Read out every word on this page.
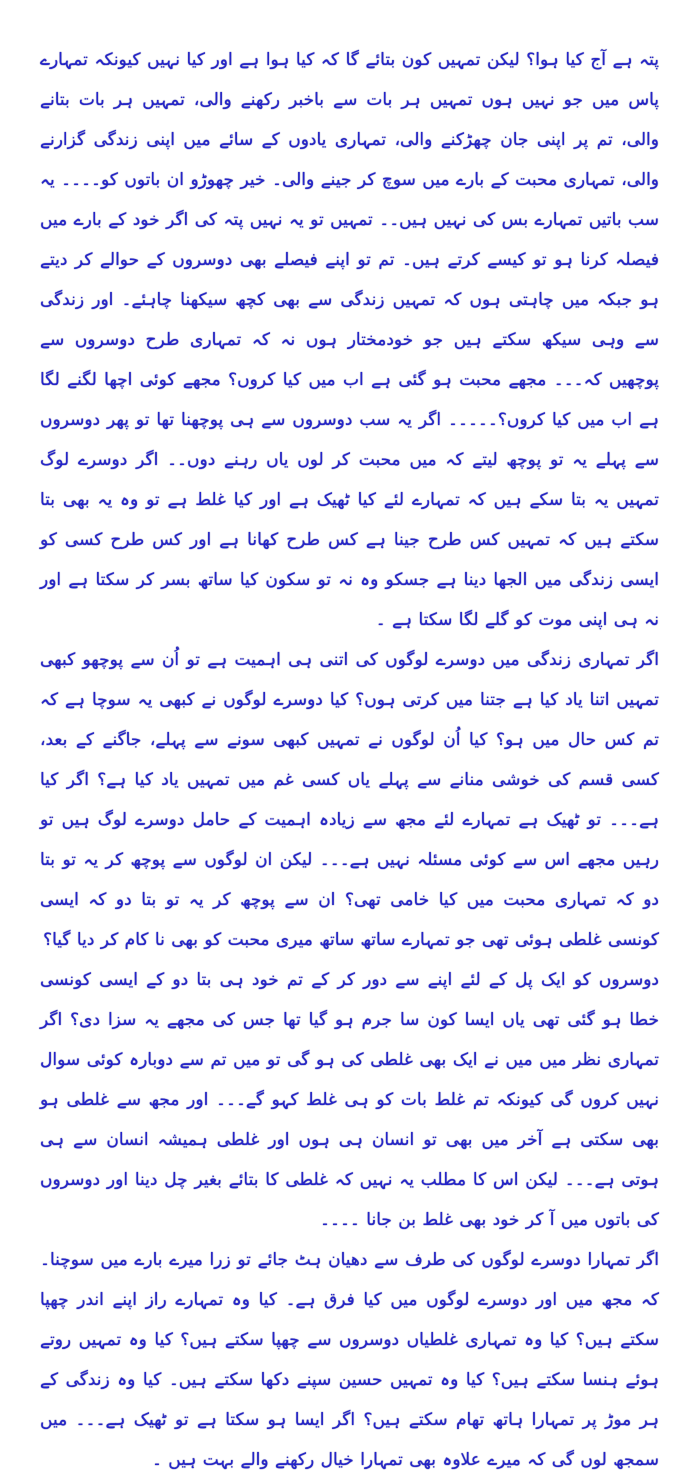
پتہ ہے آج کیا ہوا؟ لیکن تمہیں کون بتائے گا کہ کیا ہوا ہے اور کیا نہیں کیونکہ تمہارے پاس میں جو نہیں ہوں تمہیں ہر بات سے باخبر رکھنے والی، تمہیں ہر بات بتانے والی، تم پر اپنی جان چھڑکنے والی، تمہاری یادوں کے سائے میں اپنی زندگی گزارنے والی، تمہاری محبت کے بارے میں سوچ کر جینے والی۔ خیر چھوڑو ان باتوں کو۔۔۔۔ یہ سب باتیں تمہارے بس کی نہیں ہیں۔۔ تمہیں تو یہ نہیں پتہ کی اگر خود کے بارے میں فیصلہ کرنا ہو تو کیسے کرتے ہیں۔ تم تو اپنے فیصلے بھی دوسروں کے حوالے کر دیتے ہو جبکہ میں چاہتی ہوں کہ تمہیں زندگی سے بھی کچھ سیکھنا چاہئے۔ اور زندگی سے وہی سیکھ سکتے ہیں جو خودمختار ہوں نہ کہ تمہاری طرح دوسروں سے پوچھیں کہ۔۔۔ مجھے محبت ہو گئی ہے اب میں کیا کروں؟ مجھے کوئی اچھا لگنے لگا ہے اب میں کیا کروں؟۔۔۔۔۔ اگر یہ سب دوسروں سے ہی پوچھنا تھا تو پھر دوسروں سے پہلے یہ تو پوچھ لیتے کہ میں محبت کر لوں یاں رہنے دوں۔۔ اگر دوسرے لوگ تمہیں یہ بتا سکے ہیں کہ تمہارے لئے کیا ٹھیک ہے اور کیا غلط ہے تو وہ یہ بھی بتا سکتے ہیں کہ تمہیں کس طرح جینا ہے کس طرح کھانا ہے اور کس طرح کسی کو ایسی زندگی میں الجھا دینا ہے جسکو وہ نہ تو سکون کیا ساتھ بسر کر سکتا ہے اور نہ ہی اپنی موت کو گلے لگا سکتا ہے ۔

اگر تمہاری زندگی میں دوسرے لوگوں کی اتنی ہی اہمیت ہے تو اُن سے پوچھو کبھی تمہیں اتنا یاد کیا ہے جتنا میں کرتی ہوں؟ کیا دوسرے لوگوں نے کبھی یہ سوچا ہے کہ تم کس حال میں ہو؟ کیا اُن لوگوں نے تمہیں کبھی سونے سے پہلے، جاگنے کے بعد، کسی قسم کی خوشی منانے سے پہلے یاں کسی غم میں تمہیں یاد کیا ہے؟ اگر کیا ہے۔۔۔ تو ٹھیک ہے تمہارے لئے مجھ سے زیادہ اہمیت کے حامل دوسرے لوگ ہیں تو رہیں مجھے اس سے کوئی مسئلہ نہیں ہے۔۔۔ لیکن ان لوگوں سے پوچھ کر یہ تو بتا دو کہ تمہاری محبت میں کیا خامی تھی؟ ان سے پوچھ کر یہ تو بتا دو کہ ایسی کونسی غلطی ہوئی تھی جو تمہارے ساتھ ساتھ میری محبت کو بھی نا کام کر دیا گیا؟

دوسروں کو ایک پل کے لئے اپنے سے دور کر کے تم خود ہی بتا دو کے ایسی کونسی خطا ہو گئی تھی یاں ایسا کون سا جرم ہو گیا تھا جس کی مجھے یہ سزا دی؟ اگر تمہاری نظر میں میں نے ایک بھی غلطی کی ہو گی تو میں تم سے دوبارہ کوئی سوال نہیں کروں گی کیونکہ تم غلط بات کو ہی غلط کہو گے۔۔۔ اور مجھ سے غلطی ہو بھی سکتی ہے آخر میں بھی تو انسان ہی ہوں اور غلطی ہمیشہ انسان سے ہی ہوتی ہے۔۔۔ لیکن اس کا مطلب یہ نہیں کہ غلطی کا بتائے بغیر چل دینا اور دوسروں کی باتوں میں آ کر خود بھی غلط بن جانا ۔۔۔۔

اگر تمہارا دوسرے لوگوں کی طرف سے دھیان ہٹ جائے تو زرا میرے بارے میں سوچنا۔ کہ مجھ میں اور دوسرے لوگوں میں کیا فرق ہے۔ کیا وہ تمہارے راز اپنے اندر چھپا سکتے ہیں؟ کیا وہ تمہاری غلطیاں دوسروں سے چھپا سکتے ہیں؟ کیا وہ تمہیں روتے ہوئے ہنسا سکتے ہیں؟ کیا وہ تمہیں حسین سپنے دکھا سکتے ہیں۔ کیا وہ زندگی کے ہر موڑ پر تمہارا ہاتھ تھام سکتے ہیں؟ اگر ایسا ہو سکتا ہے تو ٹھیک ہے۔۔۔ میں سمجھ لوں گی کہ میرے علاوہ بھی تمہارا خیال رکھنے والے بہت ہیں ۔
